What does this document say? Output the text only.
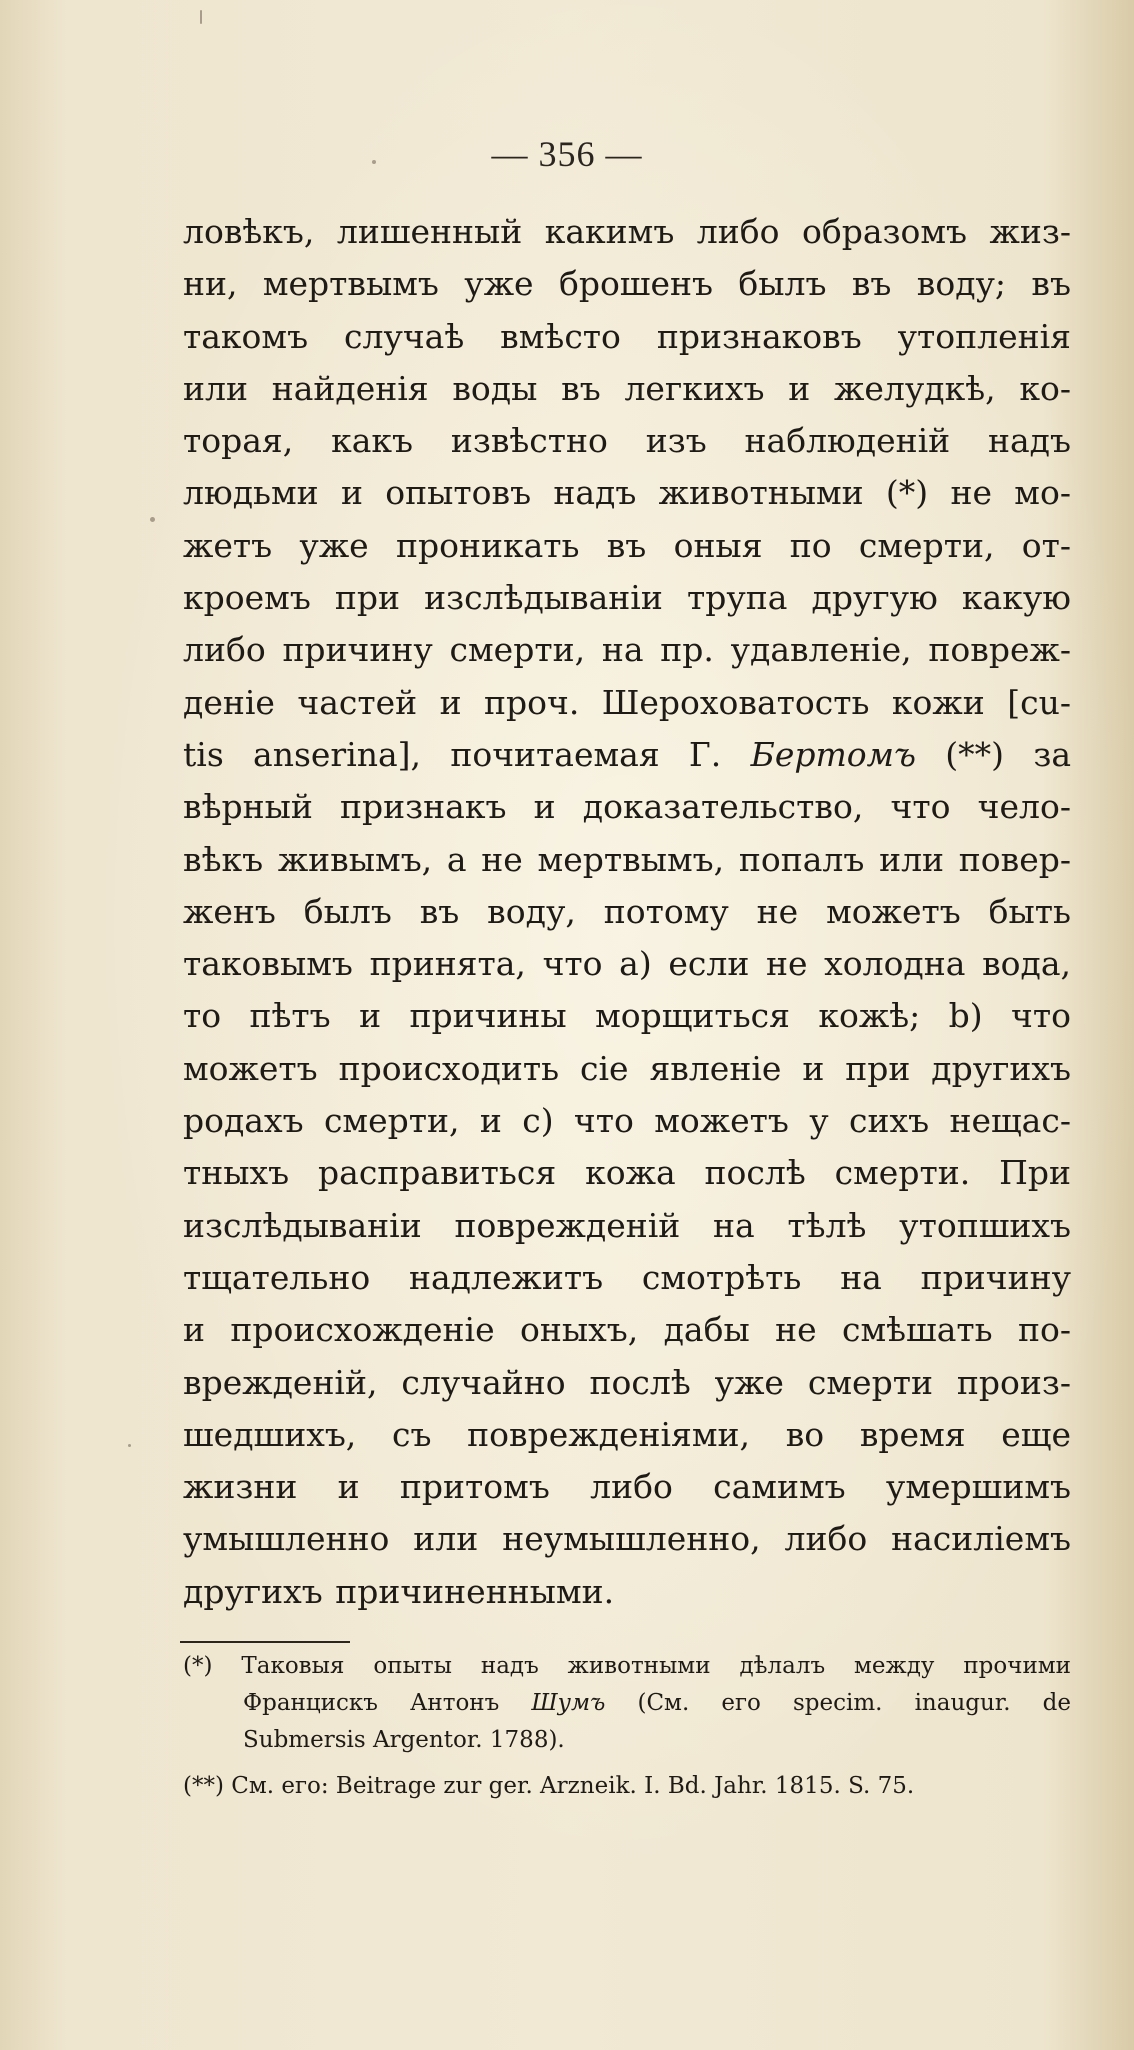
— 356 —
ловѣкъ, лишенный какимъ либо образомъ жиз-
ни, мертвымъ уже брошенъ былъ въ воду; въ
такомъ случаѣ вмѣсто признаковъ утопленія
или найденія воды въ легкихъ и желудкѣ, ко-
торая, какъ извѣстно изъ наблюденій надъ
людьми и опытовъ надъ животными (*) не мо-
жетъ уже проникать въ оныя по смерти, от-
кроемъ при изслѣдываніи трупа другую какую
либо причину смерти, на пр. удавленіе, повреж-
деніе частей и проч. Шероховатость кожи [cu-
tis anserina], почитаемая Г. Бертомъ (**) за
вѣрный признакъ и доказательство, что чело-
вѣкъ живымъ, а не мертвымъ, попалъ или повер-
женъ былъ въ воду, потому не можетъ быть
таковымъ принята, что а) если не холодна вода,
то пѣтъ и причины морщиться кожѣ; b) что
можетъ происходить сіе явленіе и при другихъ
родахъ смерти, и с) что можетъ у сихъ нещас-
тныхъ расправиться кожа послѣ смерти. При
изслѣдываніи поврежденій на тѣлѣ утопшихъ
тщательно надлежитъ смотрѣть на причину
и происхожденіе оныхъ, дабы не смѣшать по-
врежденій, случайно послѣ уже смерти произ-
шедшихъ, съ поврежденіями, во время еще
жизни и притомъ либо самимъ умершимъ
умышленно или неумышленно, либо насиліемъ
другихъ причиненными.
(*) Таковыя опыты надъ животными дѣлалъ между прочими
Францискъ Антонъ Шумъ (См. его specim. inaugur. de
Submersis Argentor. 1788).
(**) См. его: Beitrage zur ger. Arzneik. I. Bd. Jahr. 1815. S. 75.
